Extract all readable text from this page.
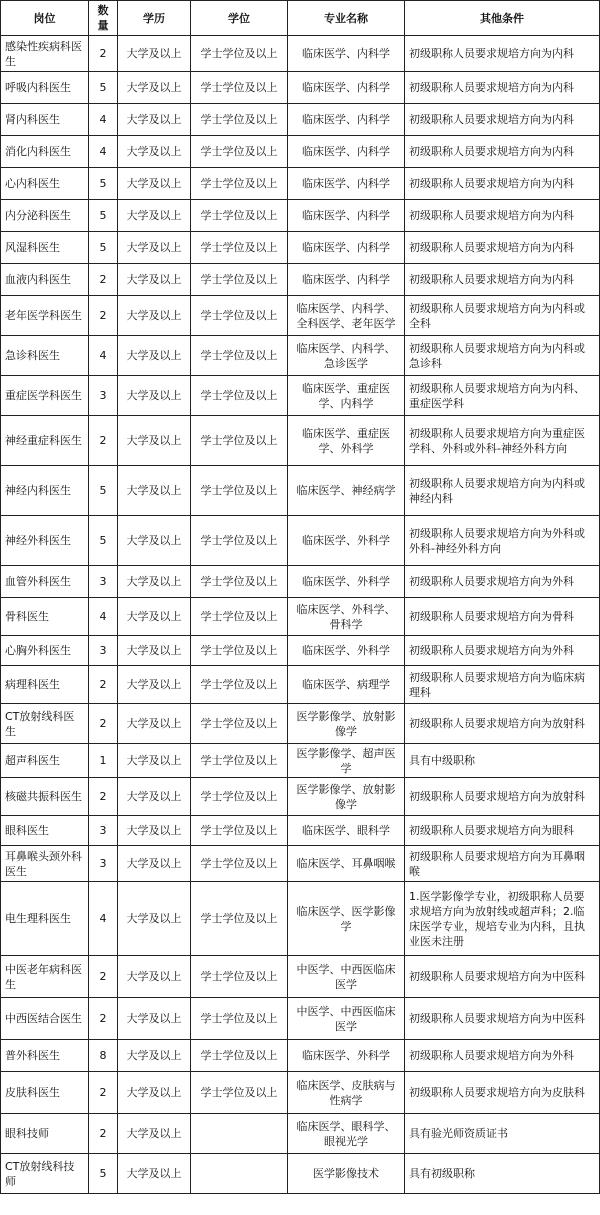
岗位	数量	学历	学位	专业名称	其他条件
感染性疾病科医生	2	大学及以上	学士学位及以上	临床医学、内科学	初级职称人员要求规培方向为内科
呼吸内科医生	5	大学及以上	学士学位及以上	临床医学、内科学	初级职称人员要求规培方向为内科
肾内科医生	4	大学及以上	学士学位及以上	临床医学、内科学	初级职称人员要求规培方向为内科
消化内科医生	4	大学及以上	学士学位及以上	临床医学、内科学	初级职称人员要求规培方向为内科
心内科医生	5	大学及以上	学士学位及以上	临床医学、内科学	初级职称人员要求规培方向为内科
内分泌科医生	5	大学及以上	学士学位及以上	临床医学、内科学	初级职称人员要求规培方向为内科
风湿科医生	5	大学及以上	学士学位及以上	临床医学、内科学	初级职称人员要求规培方向为内科
血液内科医生	2	大学及以上	学士学位及以上	临床医学、内科学	初级职称人员要求规培方向为内科
老年医学科医生	2	大学及以上	学士学位及以上	临床医学、内科学、全科医学、老年医学	初级职称人员要求规培方向为内科或全科
急诊科医生	4	大学及以上	学士学位及以上	临床医学、内科学、急诊医学	初级职称人员要求规培方向为内科或急诊科
重症医学科医生	3	大学及以上	学士学位及以上	临床医学、重症医学、内科学	初级职称人员要求规培方向为内科、重症医学科
神经重症科医生	2	大学及以上	学士学位及以上	临床医学、重症医学、外科学	初级职称人员要求规培方向为重症医学科、外科或外科-神经外科方向
神经内科医生	5	大学及以上	学士学位及以上	临床医学、神经病学	初级职称人员要求规培方向为内科或神经内科
神经外科医生	5	大学及以上	学士学位及以上	临床医学、外科学	初级职称人员要求规培方向为外科或外科-神经外科方向
血管外科医生	3	大学及以上	学士学位及以上	临床医学、外科学	初级职称人员要求规培方向为外科
骨科医生	4	大学及以上	学士学位及以上	临床医学、外科学、骨科学	初级职称人员要求规培方向为骨科
心胸外科医生	3	大学及以上	学士学位及以上	临床医学、外科学	初级职称人员要求规培方向为外科
病理科医生	2	大学及以上	学士学位及以上	临床医学、病理学	初级职称人员要求规培方向为临床病理科
CT放射线科医生	2	大学及以上	学士学位及以上	医学影像学、放射影像学	初级职称人员要求规培方向为放射科
超声科医生	1	大学及以上	学士学位及以上	医学影像学、超声医学	具有中级职称
核磁共振科医生	2	大学及以上	学士学位及以上	医学影像学、放射影像学	初级职称人员要求规培方向为放射科
眼科医生	3	大学及以上	学士学位及以上	临床医学、眼科学	初级职称人员要求规培方向为眼科
耳鼻喉头颈外科医生	3	大学及以上	学士学位及以上	临床医学、耳鼻咽喉	初级职称人员要求规培方向为耳鼻咽喉
电生理科医生	4	大学及以上	学士学位及以上	临床医学、医学影像学	1.医学影像学专业，初级职称人员要求规培方向为放射线或超声科；2.临床医学专业，规培专业为内科，且执业医未注册
中医老年病科医生	2	大学及以上	学士学位及以上	中医学、中西医临床医学	初级职称人员要求规培方向为中医科
中西医结合医生	2	大学及以上	学士学位及以上	中医学、中西医临床医学	初级职称人员要求规培方向为中医科
普外科医生	8	大学及以上	学士学位及以上	临床医学、外科学	初级职称人员要求规培方向为外科
皮肤科医生	2	大学及以上	学士学位及以上	临床医学、皮肤病与性病学	初级职称人员要求规培方向为皮肤科
眼科技师	2	大学及以上		临床医学、眼科学、眼视光学	具有验光师资质证书
CT放射线科技师	5	大学及以上		医学影像技术	具有初级职称
